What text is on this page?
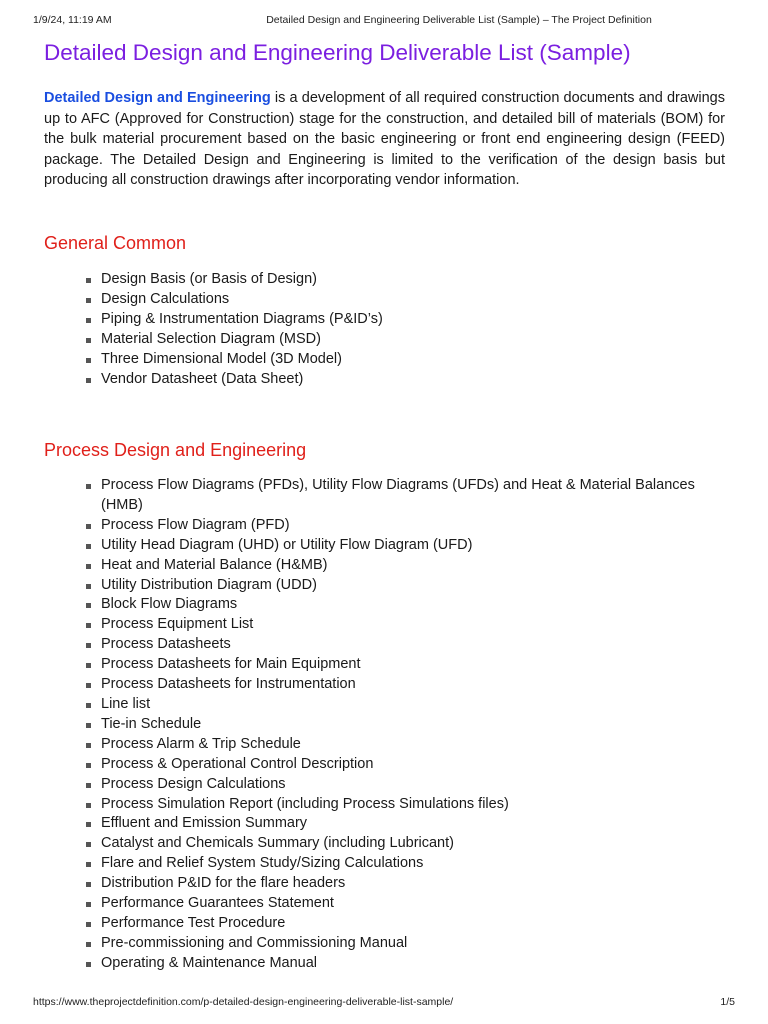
1/9/24, 11:19 AM	Detailed Design and Engineering Deliverable List (Sample) – The Project Definition
Detailed Design and Engineering Deliverable List (Sample)

Detailed Design and Engineering is a development of all required construction documents and drawings up to AFC (Approved for Construction) stage for the construction, and detailed bill of materials (BOM) for the bulk material procurement based on the basic engineering or front end engineering design (FEED) package. The Detailed Design and Engineering is limited to the verification of the design basis but producing all construction drawings after incorporating vendor information.

General Common
Design Basis (or Basis of Design)
Design Calculations
Piping & Instrumentation Diagrams (P&ID’s)
Material Selection Diagram (MSD)
Three Dimensional Model (3D Model)
Vendor Datasheet (Data Sheet)
Process Design and Engineering
Process Flow Diagrams (PFDs), Utility Flow Diagrams (UFDs) and Heat & Material Balances (HMB)
Process Flow Diagram (PFD)
Utility Head Diagram (UHD) or Utility Flow Diagram (UFD)
Heat and Material Balance (H&MB)
Utility Distribution Diagram (UDD)
Block Flow Diagrams
Process Equipment List
Process Datasheets
Process Datasheets for Main Equipment
Process Datasheets for Instrumentation
Line list
Tie-in Schedule
Process Alarm & Trip Schedule
Process & Operational Control Description
Process Design Calculations
Process Simulation Report (including Process Simulations files)
Effluent and Emission Summary
Catalyst and Chemicals Summary (including Lubricant)
Flare and Relief System Study/Sizing Calculations
Distribution P&ID for the flare headers
Performance Guarantees Statement
Performance Test Procedure
Pre-commissioning and Commissioning Manual
Operating & Maintenance Manual
https://www.theprojectdefinition.com/p-detailed-design-engineering-deliverable-list-sample/	1/5
